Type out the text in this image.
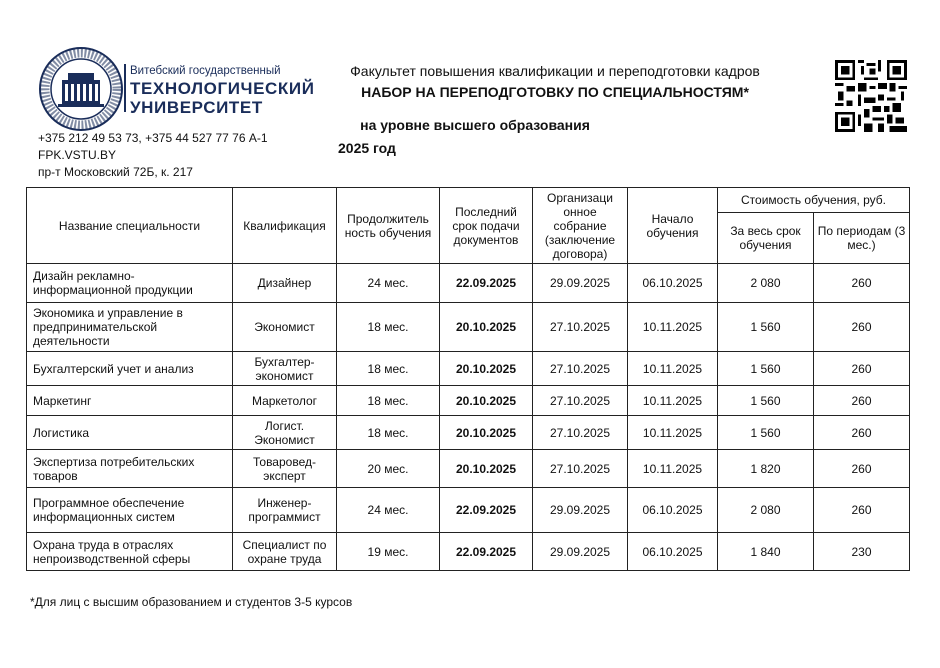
Витебский государственный
ТЕХНОЛОГИЧЕСКИЙ
УНИВЕРСИТЕТ
+375 212 49 53 73, +375 44 527 77 76 А-1
FPK.VSTU.BY
пр-т Московский 72Б, к. 217
Факультет повышения квалификации и переподготовки кадров
НАБОР НА ПЕРЕПОДГОТОВКУ ПО СПЕЦИАЛЬНОСТЯМ*
на уровне высшего образования
2025 год
Название специальности	Квалификация	Продолжитель ность обучения	Последний срок подачи документов	Организаци онное собрание (заключение договора)	Начало обучения	Стоимость обучения, руб.	
						За весь срок обучения	По периодам (3 мес.)
Дизайн рекламно-информационной продукции	Дизайнер	24 мес.	22.09.2025	29.09.2025	06.10.2025	2 080	260
Экономика и управление в предпринимательской деятельности	Экономист	18 мес.	20.10.2025	27.10.2025	10.11.2025	1 560	260
Бухгалтерский учет и анализ	Бухгалтер-экономист	18 мес.	20.10.2025	27.10.2025	10.11.2025	1 560	260
Маркетинг	Маркетолог	18 мес.	20.10.2025	27.10.2025	10.11.2025	1 560	260
Логистика	Логист. Экономист	18 мес.	20.10.2025	27.10.2025	10.11.2025	1 560	260
Экспертиза потребительских товаров	Товаровед-эксперт	20 мес.	20.10.2025	27.10.2025	10.11.2025	1 820	260
Программное обеспечение информационных систем	Инженер-программист	24 мес.	22.09.2025	29.09.2025	06.10.2025	2 080	260
Охрана труда в отраслях непроизводственной сферы	Специалист по охране труда	19 мес.	22.09.2025	29.09.2025	06.10.2025	1 840	230
*Для лиц с высшим образованием и студентов 3-5 курсов
